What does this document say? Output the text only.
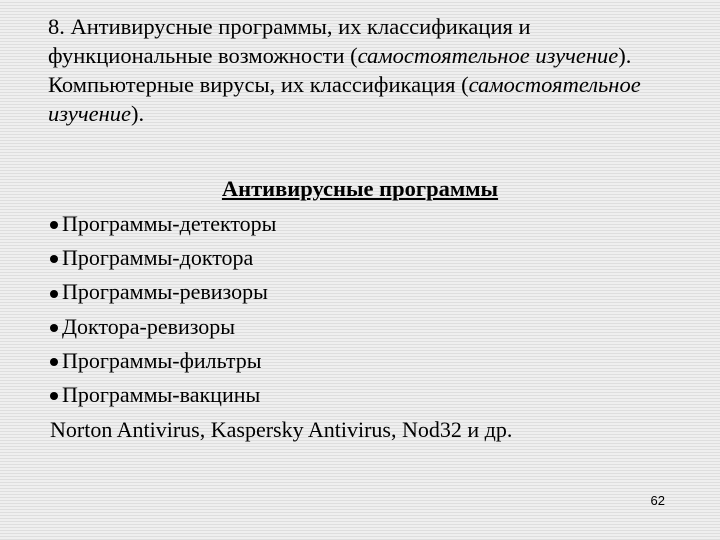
8. Антивирусные программы, их классификация и функциональные возможности (самостоятельное изучение). Компьютерные вирусы, их классификация (самостоятельное изучение).

Антивирусные программы

Программы-детекторы
Программы-доктора
Программы-ревизоры
Доктора-ревизоры
Программы-фильтры
Программы-вакцины
Norton Antivirus, Kaspersky Antivirus, Nod32 и др.
62
